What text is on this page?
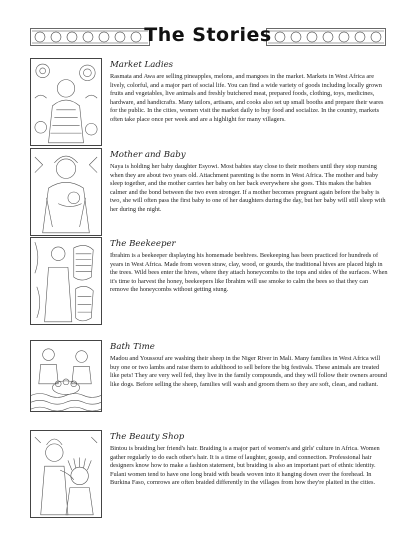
The Stories

Market Ladies

Rasmata and Awa are selling pineapples, melons, and mangoes in the market. Markets in West Africa are lively, colorful, and a major part of social life. You can find a wide variety of goods including locally grown fruits and vegetables, live animals and freshly butchered meat, prepared foods, clothing, toys, medicines, hardware, and handicrafts. Many tailors, artisans, and cooks also set up small booths and prepare their wares for the public. In the cities, women visit the market daily to buy food and socialize. In the country, markets often take place once per week and are a highlight for many villagers.

Mother and Baby

Naya is holding her baby daughter Esyowi. Most babies stay close to their mothers until they stop nursing when they are about two years old. Attachment parenting is the norm in West Africa. The mother and baby sleep together, and the mother carries her baby on her back everywhere she goes. This makes the babies calmer and the bond between the two even stronger. If a mother becomes pregnant again before the baby is two, she will often pass the first baby to one of her daughters during the day, but her baby will still sleep with her during the night.

The Beekeeper

Ibrahim is a beekeeper displaying his homemade beehives. Beekeeping has been practiced for hundreds of years in West Africa. Made from woven straw, clay, wood, or gourds, the traditional hives are placed high in the trees. Wild bees enter the hives, where they attach honeycombs to the tops and sides of the surfaces. When it's time to harvest the honey, beekeepers like Ibrahim will use smoke to calm the bees so that they can remove the honeycombs without getting stung.

Bath Time

Madou and Youssouf are washing their sheep in the Niger River in Mali. Many families in West Africa will buy one or two lambs and raise them to adulthood to sell before the big festivals. These animals are treated like pets! They are very well fed, they live in the family compounds, and they will follow their owners around like dogs. Before selling the sheep, families will wash and groom them so they are soft, clean, and radiant.

The Beauty Shop

Bintou is braiding her friend's hair. Braiding is a major part of women's and girls' culture in Africa. Women gather regularly to do each other's hair. It is a time of laughter, gossip, and connection. Professional hair designers know how to make a fashion statement, but braiding is also an important part of ethnic identity. Fulani women tend to have one long braid with beads woven into it hanging down over the forehead. In Burkina Faso, cornrows are often braided differently in the villages from how they're plaited in the cities.
